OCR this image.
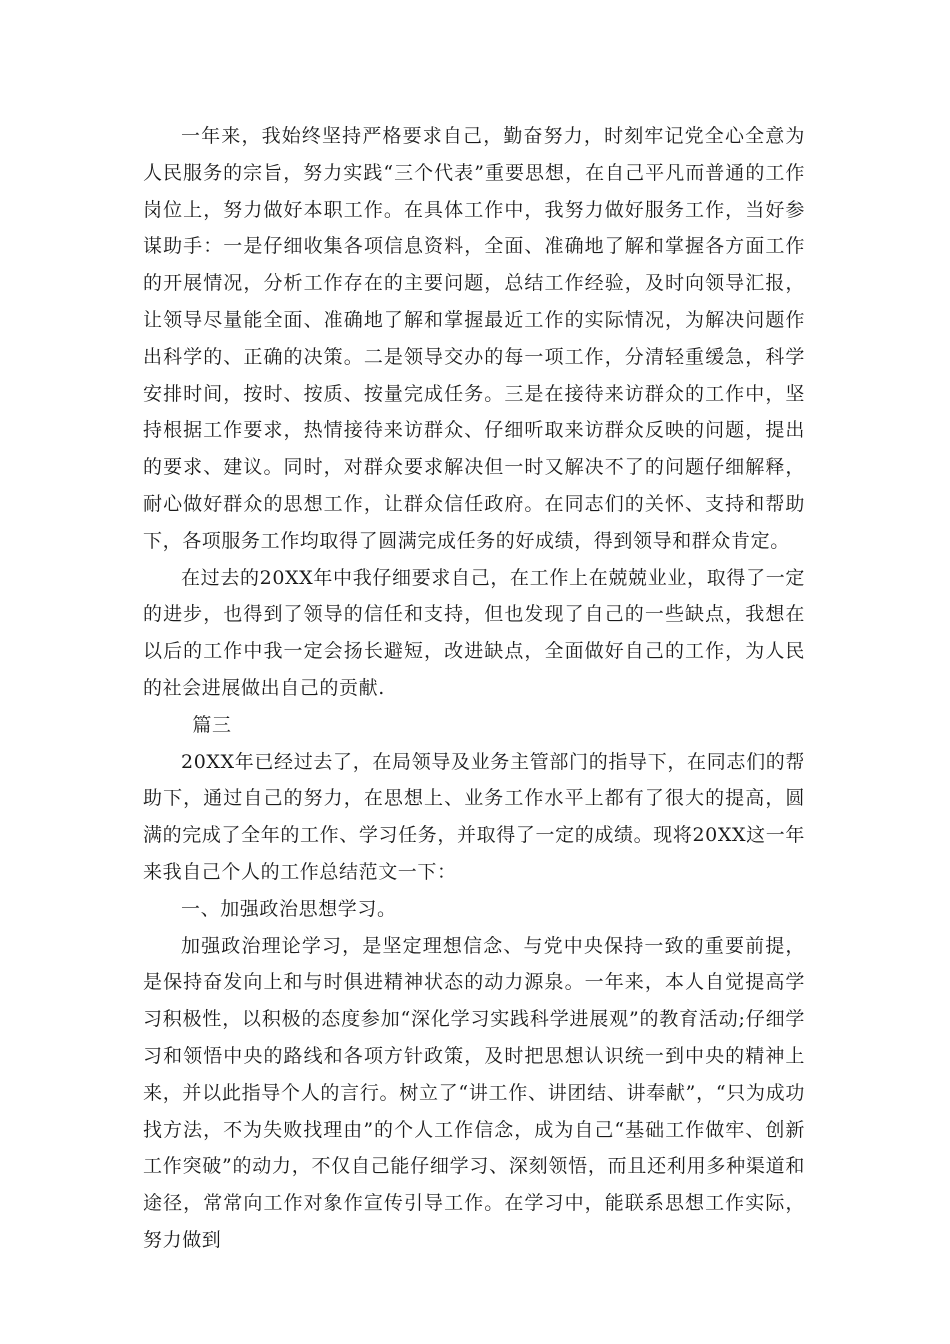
一年来，我始终坚持严格要求自己，勤奋努力，时刻牢记党全心全意为人民服务的宗旨，努力实践“三个代表”重要思想，在自己平凡而普通的工作岗位上，努力做好本职工作。在具体工作中，我努力做好服务工作，当好参谋助手：一是仔细收集各项信息资料，全面、准确地了解和掌握各方面工作的开展情况，分析工作存在的主要问题，总结工作经验，及时向领导汇报，让领导尽量能全面、准确地了解和掌握最近工作的实际情况，为解决问题作出科学的、正确的决策。二是领导交办的每一项工作，分清轻重缓急，科学安排时间，按时、按质、按量完成任务。三是在接待来访群众的工作中，坚持根据工作要求，热情接待来访群众、仔细听取来访群众反映的问题，提出的要求、建议。同时，对群众要求解决但一时又解决不了的问题仔细解释，耐心做好群众的思想工作，让群众信任政府。在同志们的关怀、支持和帮助下，各项服务工作均取得了圆满完成任务的好成绩，得到领导和群众肯定。

在过去的20XX年中我仔细要求自己，在工作上在兢兢业业，取得了一定的进步，也得到了领导的信任和支持，但也发现了自己的一些缺点，我想在以后的工作中我一定会扬长避短，改进缺点，全面做好自己的工作，为人民的社会进展做出自己的贡献.

篇三

20XX年已经过去了，在局领导及业务主管部门的指导下，在同志们的帮助下，通过自己的努力，在思想上、业务工作水平上都有了很大的提高，圆满的完成了全年的工作、学习任务，并取得了一定的成绩。现将20XX这一年来我自己个人的工作总结范文一下：

一、加强政治思想学习。

加强政治理论学习，是坚定理想信念、与党中央保持一致的重要前提，是保持奋发向上和与时俱进精神状态的动力源泉。一年来，本人自觉提高学习积极性，以积极的态度参加“深化学习实践科学进展观”的教育活动;仔细学习和领悟中央的路线和各项方针政策，及时把思想认识统一到中央的精神上来，并以此指导个人的言行。树立了“讲工作、讲团结、讲奉献”，“只为成功找方法，不为失败找理由”的个人工作信念，成为自己“基础工作做牢、创新工作突破”的动力，不仅自己能仔细学习、深刻领悟，而且还利用多种渠道和途径，常常向工作对象作宣传引导工作。在学习中，能联系思想工作实际，努力做到
